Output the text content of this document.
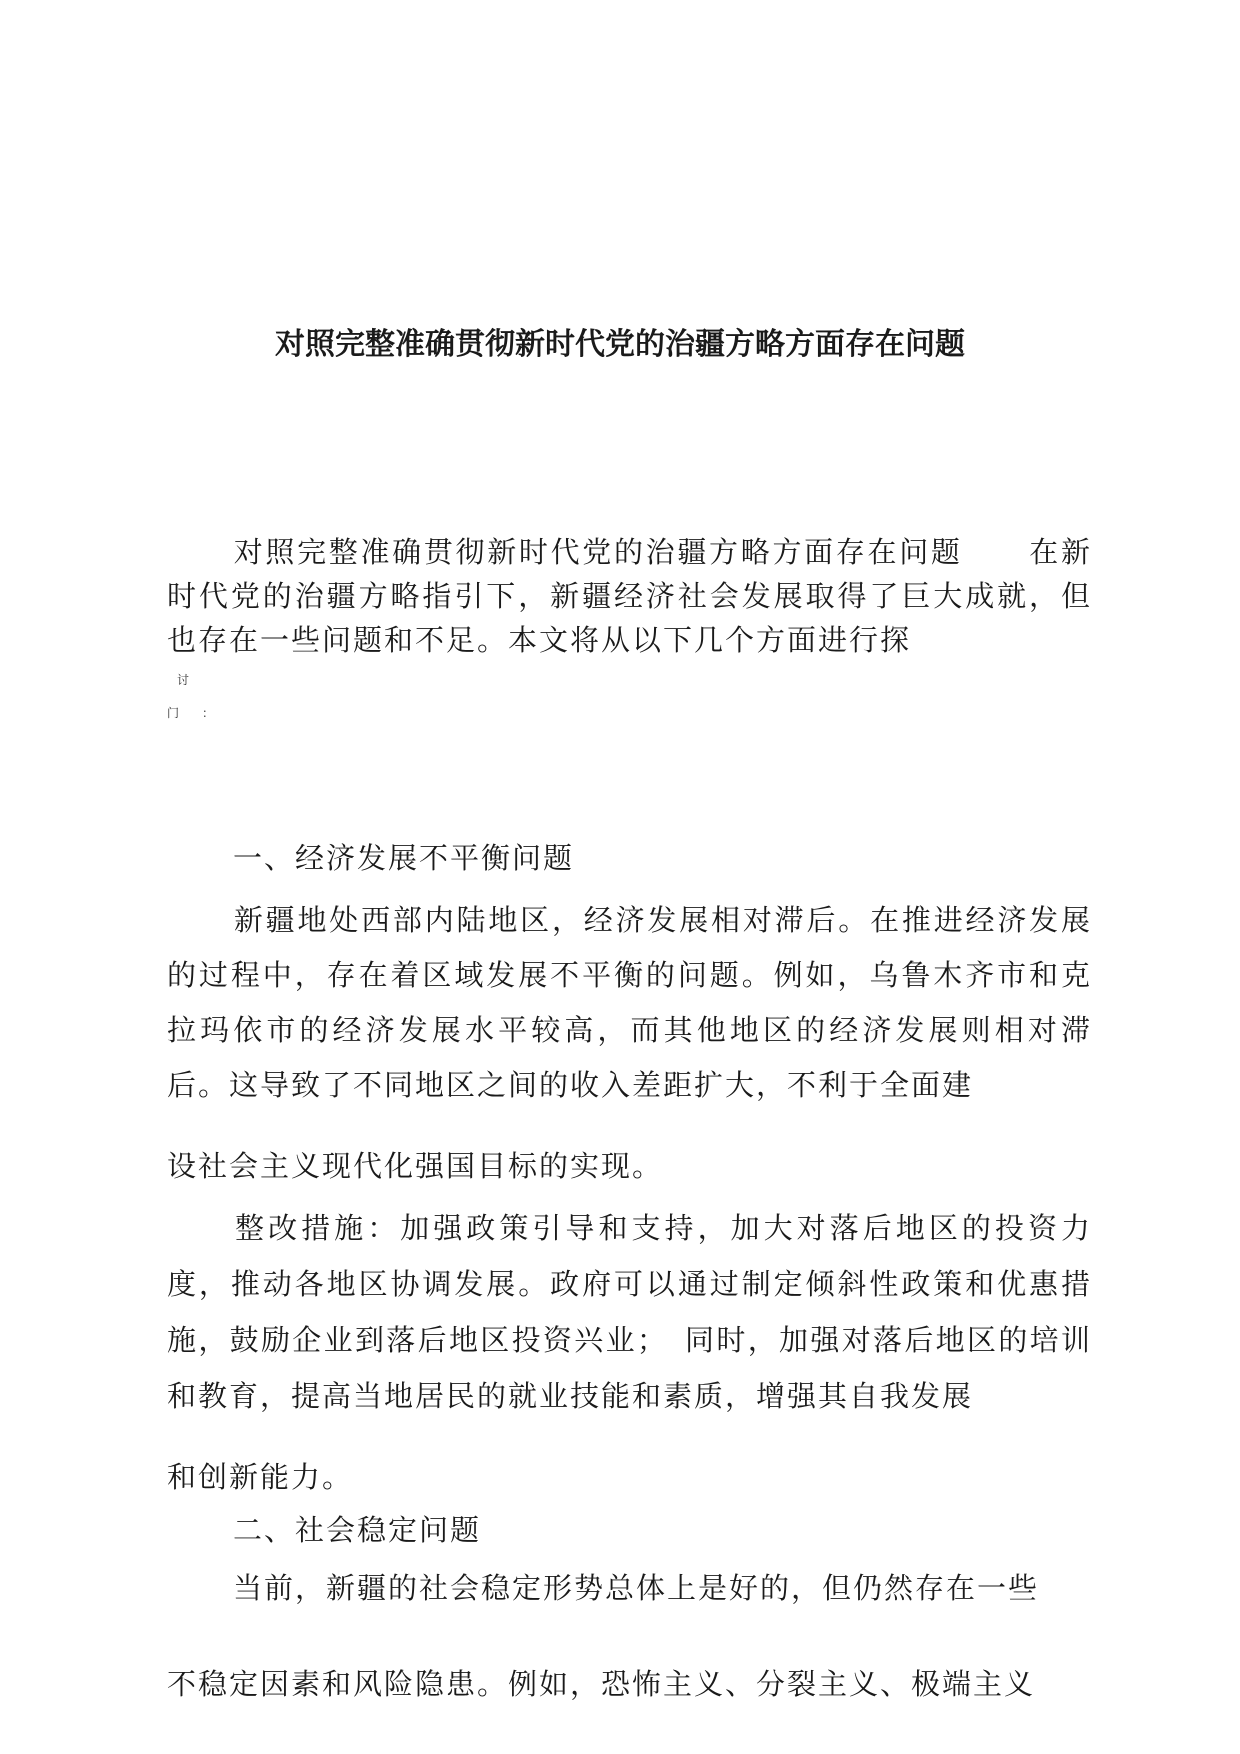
对照完整准确贯彻新时代党的治疆方略方面存在问题
对照完整准确贯彻新时代党的治疆方略方面存在问题 在新时代党的治疆方略指引下，新疆经济社会发展取得了巨大成就，但也存在一些问题和不足。本文将从以下几个方面进行探
讨
门 ：
一、经济发展不平衡问题
新疆地处西部内陆地区，经济发展相对滞后。在推进经济发展的过程中，存在着区域发展不平衡的问题。例如，乌鲁木齐市和克拉玛依市的经济发展水平较高，而其他地区的经济发展则相对滞后。这导致了不同地区之间的收入差距扩大，不利于全面建
设社会主义现代化强国目标的实现。
整改措施：加强政策引导和支持，加大对落后地区的投资力度，推动各地区协调发展。政府可以通过制定倾斜性政策和优惠措施，鼓励企业到落后地区投资兴业；　同时，加强对落后地区的培训和教育，提高当地居民的就业技能和素质，增强其自我发展
和创新能力。
二、社会稳定问题
当前，新疆的社会稳定形势总体上是好的，但仍然存在一些
不稳定因素和风险隐患。例如，恐怖主义、分裂主义、极端主义
